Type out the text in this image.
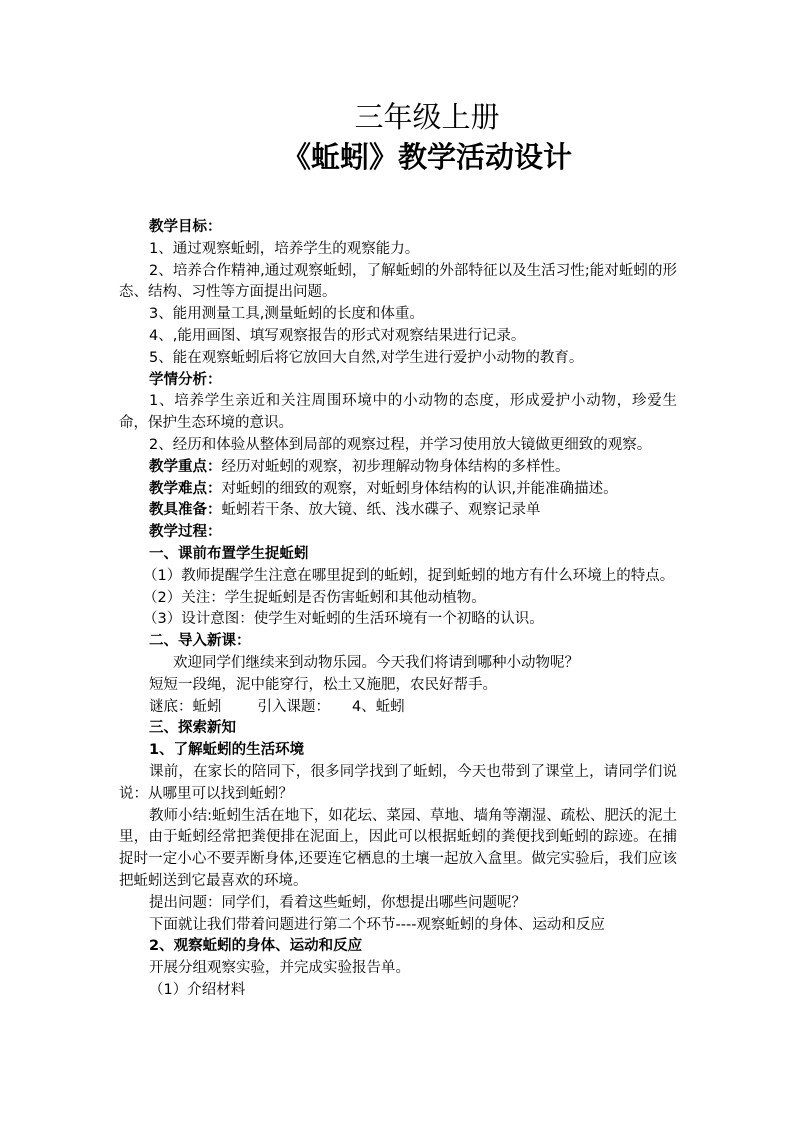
三年级上册
《蚯蚓》教学活动设计

教学目标：

1、通过观察蚯蚓，培养学生的观察能力。

2、培养合作精神,通过观察蚯蚓，了解蚯蚓的外部特征以及生活习性;能对蚯蚓的形态、结构、习性等方面提出问题。

3、能用测量工具,测量蚯蚓的长度和体重。

4、,能用画图、填写观察报告的形式对观察结果进行记录。

5、能在观察蚯蚓后将它放回大自然,对学生进行爱护小动物的教育。

学情分析：

1、培养学生亲近和关注周围环境中的小动物的态度，形成爱护小动物，珍爱生命，保护生态环境的意识。

2、经历和体验从整体到局部的观察过程，并学习使用放大镜做更细致的观察。

教学重点：经历对蚯蚓的观察，初步理解动物身体结构的多样性。

教学难点：对蚯蚓的细致的观察，对蚯蚓身体结构的认识,并能准确描述。

教具准备：蚯蚓若干条、放大镜、纸、浅水碟子、观察记录单

教学过程：

一、课前布置学生捉蚯蚓

（1）教师提醒学生注意在哪里捉到的蚯蚓，捉到蚯蚓的地方有什么环境上的特点。

（2）关注：学生捉蚯蚓是否伤害蚯蚓和其他动植物。

（3）设计意图：使学生对蚯蚓的生活环境有一个初略的认识。

二、导入新课：

欢迎同学们继续来到动物乐园。今天我们将请到哪种小动物呢？

短短一段绳，泥中能穿行，松土又施肥，农民好帮手。

谜底：蚯蚓 引入课题： 4、蚯蚓

三、探索新知

1、了解蚯蚓的生活环境

课前，在家长的陪同下，很多同学找到了蚯蚓，今天也带到了课堂上，请同学们说说：从哪里可以找到蚯蚓？

教师小结:蚯蚓生活在地下，如花坛、菜园、草地、墙角等潮湿、疏松、肥沃的泥土里，由于蚯蚓经常把粪便排在泥面上，因此可以根据蚯蚓的粪便找到蚯蚓的踪迹。在捕捉时一定小心不要弄断身体,还要连它栖息的土壤一起放入盒里。做完实验后，我们应该把蚯蚓送到它最喜欢的环境。

提出问题：同学们，看着这些蚯蚓，你想提出哪些问题呢？

下面就让我们带着问题进行第二个环节----观察蚯蚓的身体、运动和反应

2、观察蚯蚓的身体、运动和反应

开展分组观察实验，并完成实验报告单。

（1）介绍材料
